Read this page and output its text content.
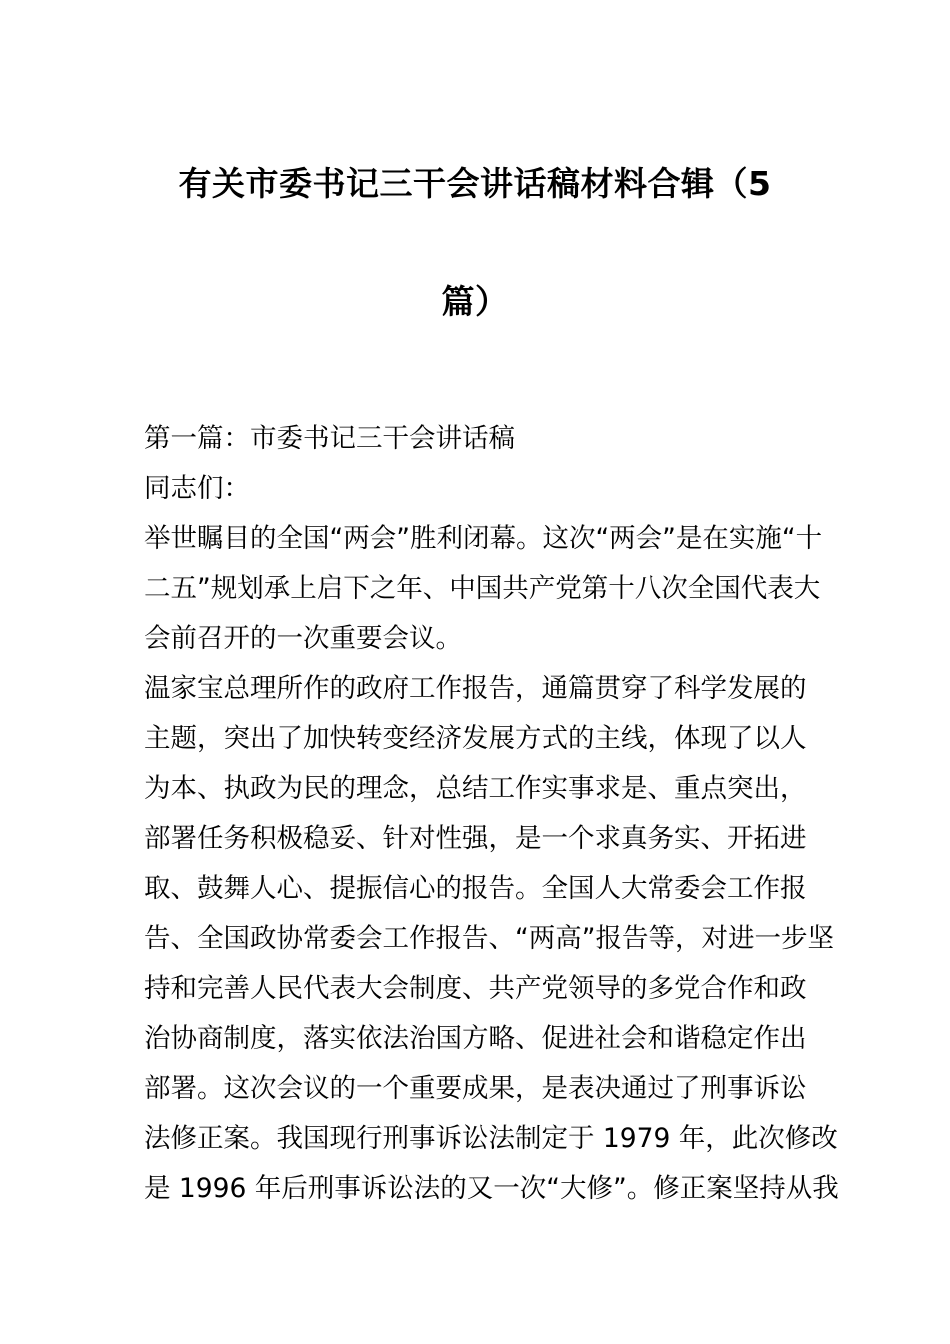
有关市委书记三干会讲话稿材料合辑（5
篇）
第一篇：市委书记三干会讲话稿
同志们：
举世瞩目的全国“两会”胜利闭幕。这次“两会”是在实施“十
二五”规划承上启下之年、中国共产党第十八次全国代表大
会前召开的一次重要会议。
温家宝总理所作的政府工作报告，通篇贯穿了科学发展的
主题，突出了加快转变经济发展方式的主线，体现了以人
为本、执政为民的理念，总结工作实事求是、重点突出，
部署任务积极稳妥、针对性强，是一个求真务实、开拓进
取、鼓舞人心、提振信心的报告。全国人大常委会工作报
告、全国政协常委会工作报告、“两高”报告等，对进一步坚
持和完善人民代表大会制度、共产党领导的多党合作和政
治协商制度，落实依法治国方略、促进社会和谐稳定作出
部署。这次会议的一个重要成果，是表决通过了刑事诉讼
法修正案。我国现行刑事诉讼法制定于 1979 年，此次修改
是 1996 年后刑事诉讼法的又一次“大修”。修正案坚持从我
